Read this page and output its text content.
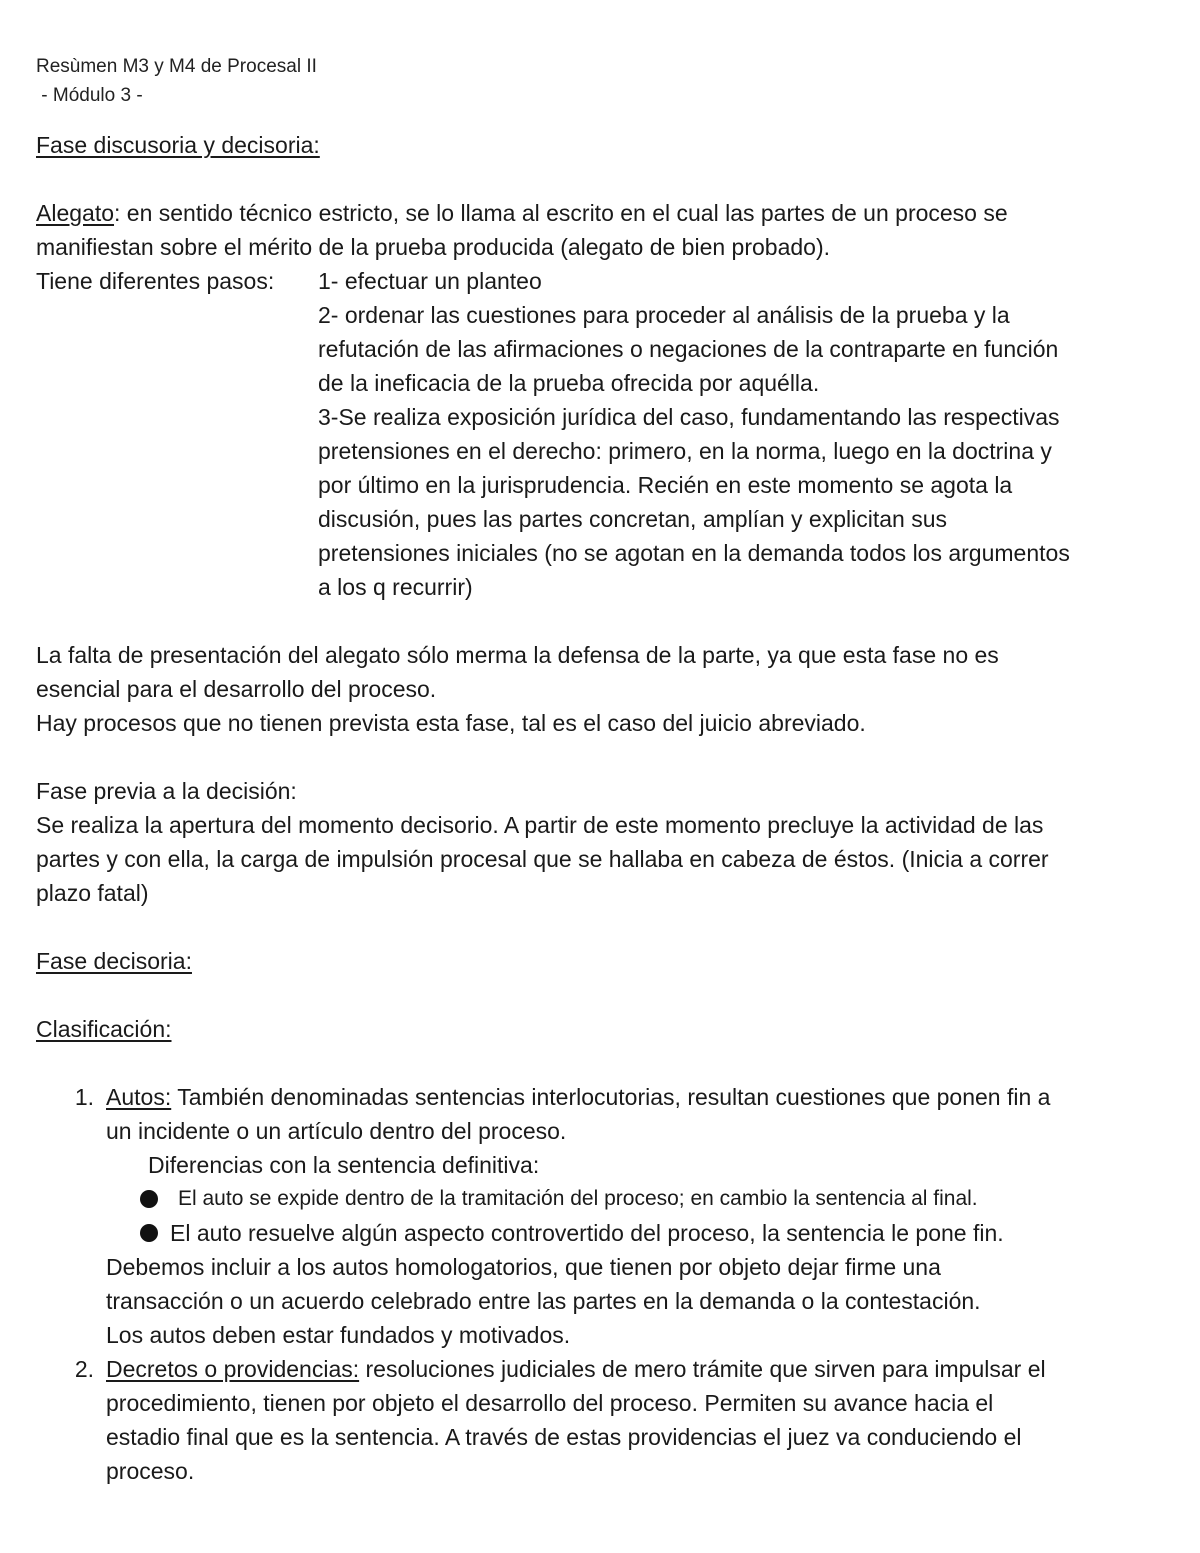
Resùmen M3 y M4 de Procesal II
- Módulo 3 -
Fase discusoria y decisoria:
Alegato: en sentido técnico estricto, se lo llama al escrito en el cual las partes de un proceso se
manifiestan sobre el mérito de la prueba producida (alegato de bien probado).
Tiene diferentes pasos:	1- efectuar un planteo
2- ordenar las cuestiones para proceder al análisis de la prueba y la
refutación de las afirmaciones o negaciones de la contraparte en función
de la ineficacia de la prueba ofrecida por aquélla.
3-Se realiza exposición jurídica del caso, fundamentando las respectivas
pretensiones en el derecho: primero, en la norma, luego en la doctrina y
por último en la jurisprudencia. Recién en este momento se agota la
discusión, pues las partes concretan, amplían y explicitan sus
pretensiones iniciales (no se agotan en la demanda todos los argumentos
a los q recurrir)
La falta de presentación del alegato sólo merma la defensa de la parte, ya que esta fase no es
esencial para el desarrollo del proceso.
Hay procesos que no tienen prevista esta fase, tal es el caso del juicio abreviado.
Fase previa a la decisión:
Se realiza la apertura del momento decisorio. A partir de este momento precluye la actividad de las
partes y con ella, la carga de impulsión procesal que se hallaba en cabeza de éstos. (Inicia a correr
plazo fatal)
Fase decisoria:
Clasificación:
1. Autos: También denominadas sentencias interlocutorias, resultan cuestiones que ponen fin a
un incidente o un artículo dentro del proceso.
Diferencias con la sentencia definitiva:
El auto se expide dentro de la tramitación del proceso; en cambio la sentencia al final.
El auto resuelve algún aspecto controvertido del proceso, la sentencia le pone fin.
Debemos incluir a los autos homologatorios, que tienen por objeto dejar firme una
transacción o un acuerdo celebrado entre las partes en la demanda o la contestación.
Los autos deben estar fundados y motivados.
2. Decretos o providencias: resoluciones judiciales de mero trámite que sirven para impulsar el
procedimiento, tienen por objeto el desarrollo del proceso. Permiten su avance hacia el
estadio final que es la sentencia. A través de estas providencias el juez va conduciendo el
proceso.
